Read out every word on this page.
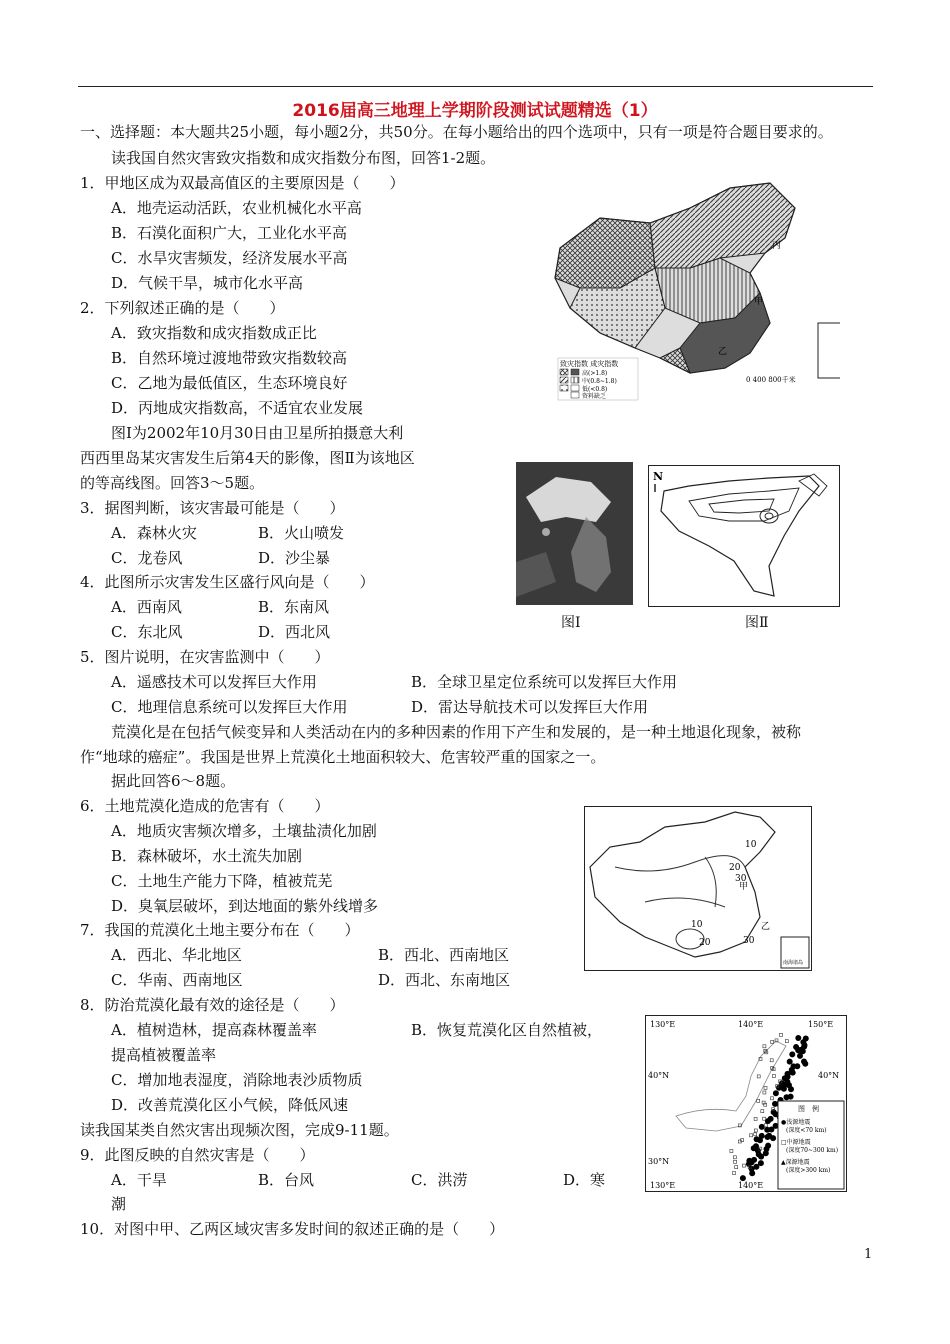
2016届高三地理上学期阶段测试试题精选（1）
一、选择题：本大题共25小题，每小题2分，共50分。在每小题给出的四个选项中，只有一项是符合题目要求的。
读我国自然灾害致灾指数和成灾指数分布图，回答1-2题。
1．甲地区成为双最高值区的主要原因是（　　）
A．地壳运动活跃，农业机械化水平高
B．石漠化面积广大，工业化水平高
C．水旱灾害频发，经济发展水平高
D．气候干旱，城市化水平高
2．下列叙述正确的是（　　）
A．致灾指数和成灾指数成正比
B．自然环境过渡地带致灾指数较高
C．乙地为最低值区，生态环境良好
D．丙地成灾指数高，不适宜农业发展
图Ⅰ为2002年10月30日由卫星所拍摄意大利
西西里岛某灾害发生后第4天的影像，图Ⅱ为该地区
的等高线图。回答3～5题。
3．据图判断，该灾害最可能是（　　）
A．森林火灾	B．火山喷发
C．龙卷风	D．沙尘暴
4．此图所示灾害发生区盛行风向是（　　）
A．西南风	B．东南风
C．东北风	D．西北风
5．图片说明，在灾害监测中（　　）
A．遥感技术可以发挥巨大作用	B．全球卫星定位系统可以发挥巨大作用
C．地理信息系统可以发挥巨大作用	D．雷达导航技术可以发挥巨大作用
荒漠化是在包括气候变异和人类活动在内的多种因素的作用下产生和发展的，是一种土地退化现象，被称
作“地球的癌症”。我国是世界上荒漠化土地面积较大、危害较严重的国家之一。
据此回答6～8题。
6．土地荒漠化造成的危害有（　　）
A．地质灾害频次增多，土壤盐渍化加剧
B．森林破坏，水土流失加剧
C．土地生产能力下降，植被荒芜
D．臭氧层破坏，到达地面的紫外线增多
7．我国的荒漠化土地主要分布在（　　）
A．西北、华北地区	B．西北、西南地区
C．华南、西南地区	D．西北、东南地区
8．防治荒漠化最有效的途径是（　　）
A．植树造林，提高森林覆盖率	B．恢复荒漠化区自然植被，
提高植被覆盖率
C．增加地表湿度，消除地表沙质物质
D．改善荒漠化区小气候，降低风速
读我国某类自然灾害出现频次图，完成9-11题。
9．此图反映的自然灾害是（　　）
A．干旱	B．台风	C．洪涝	D．寒
潮
10．对图中甲、乙两区域灾害多发时间的叙述正确的是（　　）
甲
乙
丙
致灾指数 成灾指数
高(>1.8)
中(0.8~1.8)
低(<0.8)
资料缺乏
0 400 800千米
图Ⅰ
N
图Ⅱ
10
20
30
甲
10
20	30
乙
南海诸岛
130°E	140°E	150°E
40°N	40°N
30°N
130°E	140°E
图　例
●浅源地震
(深度<70 km)
□中源地震
(深度70~300 km)
▲深源地震
(深度>300 km)
1
